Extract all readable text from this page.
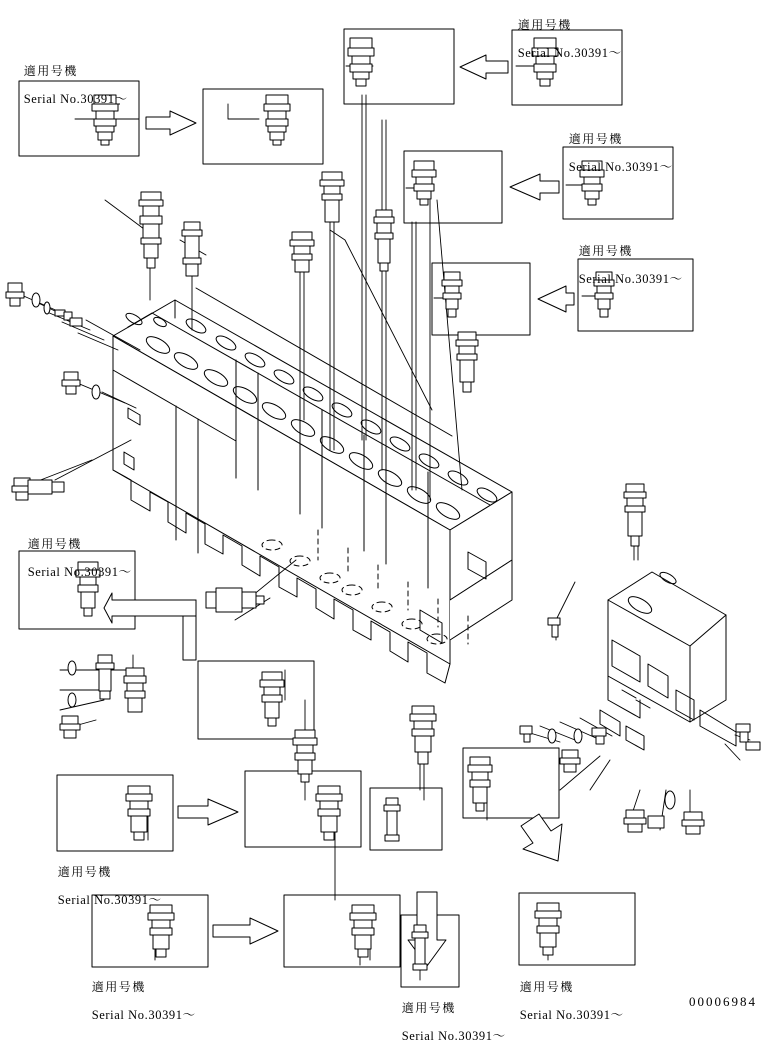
適用号機

Serial No.30391～

適用号機

Serial No.30391～

適用号機

Serial No.30391～

適用号機

Serial No.30391～

適用号機

Serial No.30391～

適用号機

Serial No.30391～

適用号機

Serial No.30391～
	適用号機

Serial No.30391～

適用号機

Serial No.30391～

00006984
